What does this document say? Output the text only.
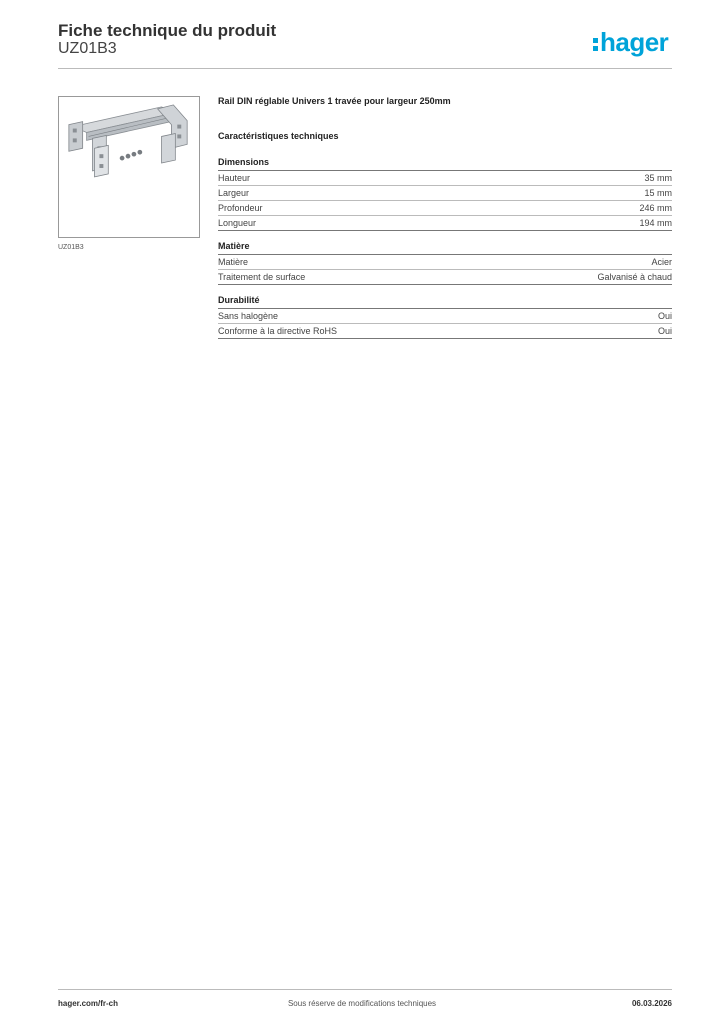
Fiche technique du produit
UZ01B3	hager
UZ01B3

Rail DIN réglable Univers 1 travée pour largeur 250mm

Caractéristiques techniques

Dimensions
Hauteur	35 mm
Largeur	15 mm
Profondeur	246 mm
Longueur	194 mm
Matière
Matière	Acier
Traitement de surface	Galvanisé à chaud
Durabilité
Sans halogène	Oui
Conforme à la directive RoHS	Oui
hager.com/fr-ch	Sous réserve de modifications techniques	06.03.2026
